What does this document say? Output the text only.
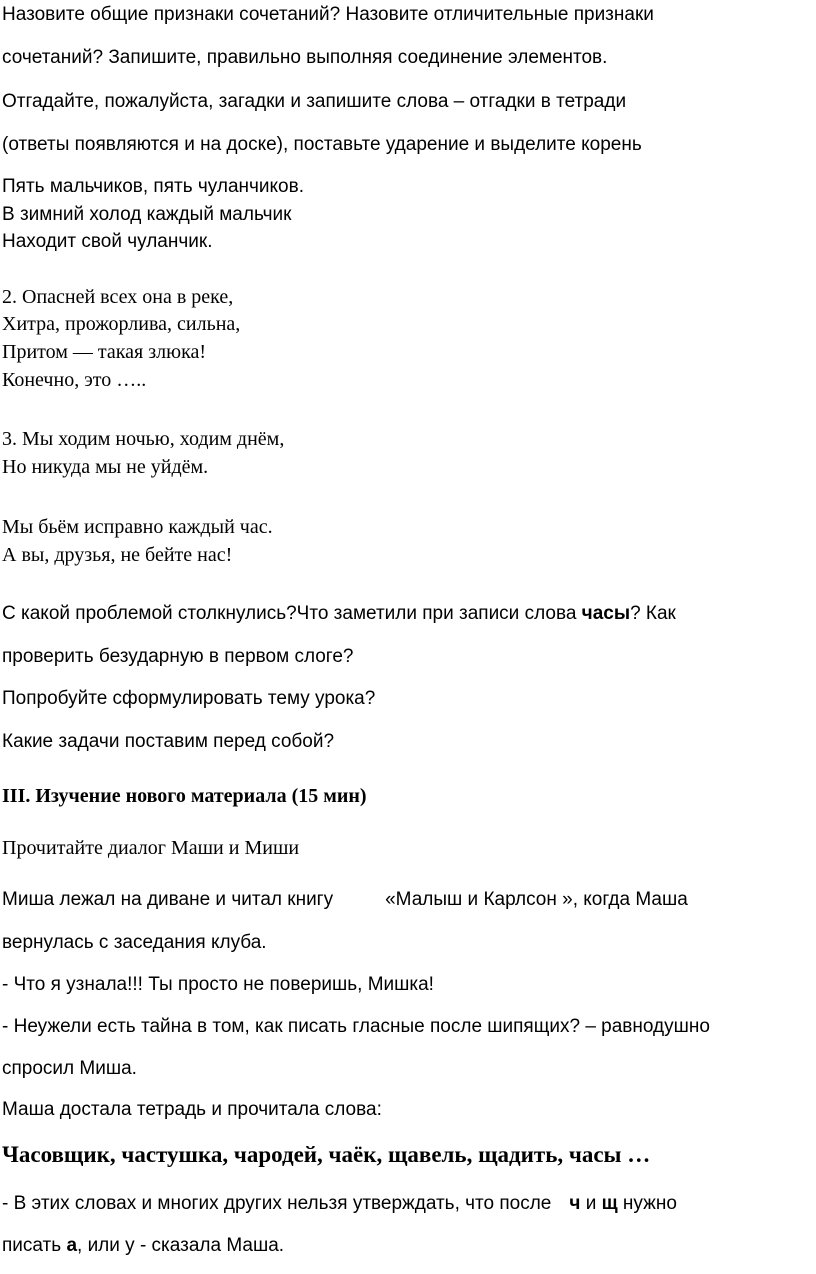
Назовите общие признаки сочетаний? Назовите отличительные признаки
сочетаний? Запишите, правильно выполняя соединение элементов.
Отгадайте, пожалуйста, загадки и запишите слова – отгадки в тетради
(ответы появляются и на доске), поставьте ударение и выделите корень
Пять мальчиков, пять чуланчиков.
В зимний холод каждый мальчик
Находит свой чуланчик.
2. Опасней всех она в реке,
Хитра, прожорлива, сильна,
Притом — такая злюка!
Конечно, это …..
3. Мы ходим ночью, ходим днём,
Но никуда мы не уйдём.
Мы бьём исправно каждый час.
А вы, друзья, не бейте нас!
С какой проблемой столкнулись?Что заметили при записи слова часы? Как
проверить безударную в первом слоге?
Попробуйте сформулировать тему урока?
Какие задачи поставим перед собой?
III. Изучение нового материала (15 мин)
Прочитайте диалог Маши и Миши
Миша лежал на диване и читал книгу	«Малыш и Карлсон », когда Маша
вернулась с заседания клуба.
- Что я узнала!!! Ты просто не поверишь, Мишка!
- Неужели есть тайна в том, как писать гласные после шипящих? – равнодушно
спросил Миша.
Маша достала тетрадь и прочитала слова:
Часовщик, частушка, чародей, чаёк, щавель, щадить, часы …
- В этих словах и многих других нельзя утверждать, что после ч и щ нужно
писать а, или у - сказала Маша.
